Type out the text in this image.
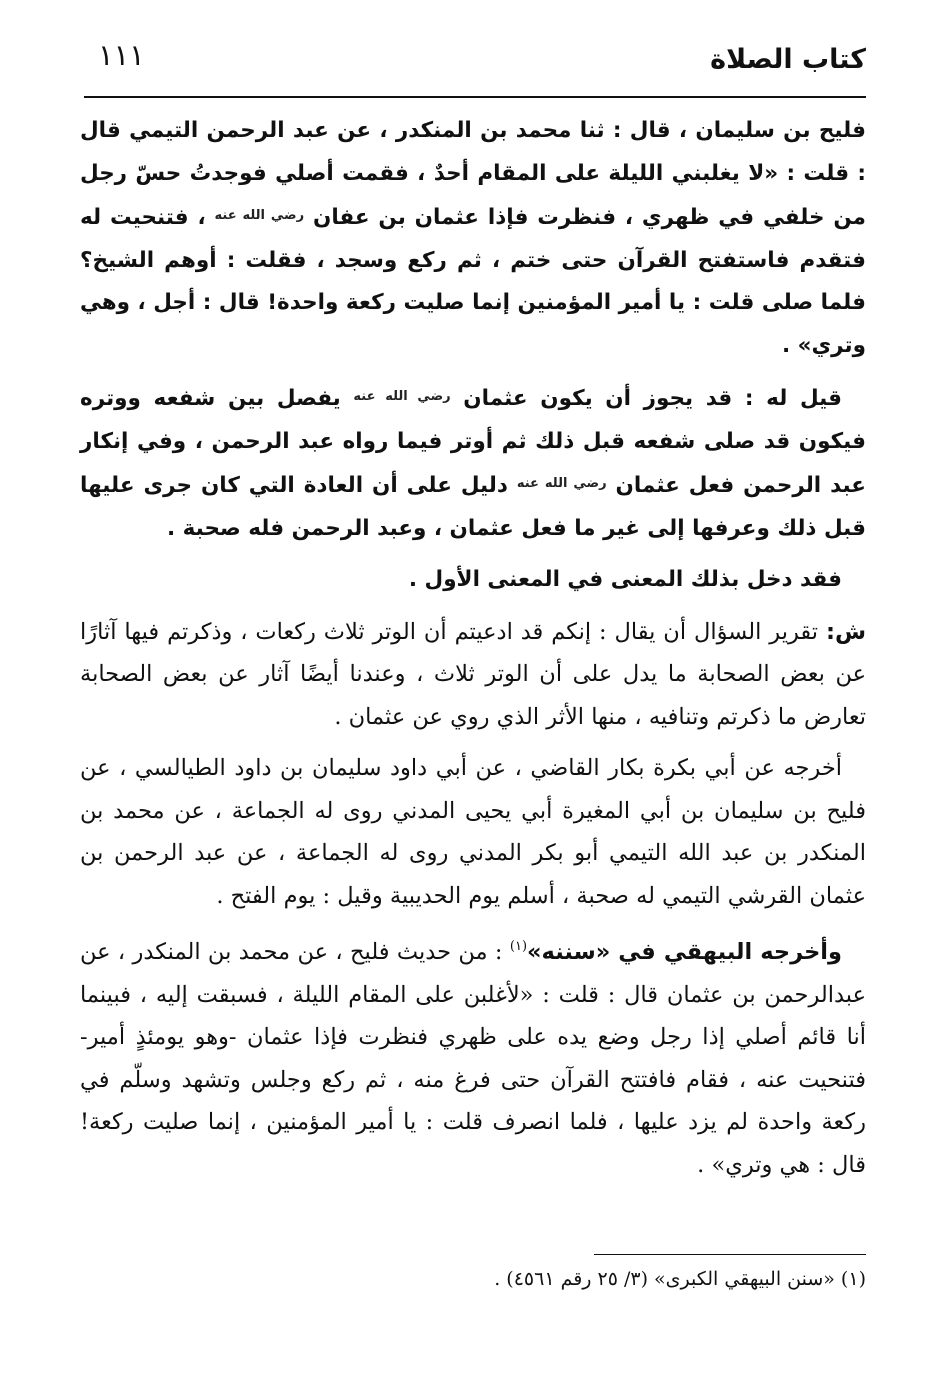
كتاب الصلاة
١١١

فليح بن سليمان ، قال : ثنا محمد بن المنكدر ، عن عبد الرحمن التيمي قال : قلت : «لا يغلبني الليلة على المقام أحدٌ ، فقمت أصلي فوجدتُ حسّ رجل من خلفي في ظهري ، فنظرت فإذا عثمان بن عفان $^{رضي الله عنه}$ ، فتنحيت له فتقدم فاستفتح القرآن حتى ختم ، ثم ركع وسجد ، فقلت : أوهم الشيخ؟ فلما صلى قلت : يا أمير المؤمنين إنما صليت ركعة واحدة! قال : أجل ، وهي وتري» .

قيل له : قد يجوز أن يكون عثمان $^{رضي الله عنه}$ يفصل بين شفعه ووتره فيكون قد صلى شفعه قبل ذلك ثم أوتر فيما رواه عبد الرحمن ، وفي إنكار عبد الرحمن فعل عثمان $^{رضي الله عنه}$ دليل على أن العادة التي كان جرى عليها قبل ذلك وعرفها إلى غير ما فعل عثمان ، وعبد الرحمن فله صحبة .

فقد دخل بذلك المعنى في المعنى الأول .

ش: تقرير السؤال أن يقال : إنكم قد ادعيتم أن الوتر ثلاث ركعات ، وذكرتم فيها آثارًا عن بعض الصحابة ما يدل على أن الوتر ثلاث ، وعندنا أيضًا آثار عن بعض الصحابة تعارض ما ذكرتم وتنافيه ، منها الأثر الذي روي عن عثمان .

أخرجه عن أبي بكرة بكار القاضي ، عن أبي داود سليمان بن داود الطيالسي ، عن فليح بن سليمان بن أبي المغيرة أبي يحيى المدني روى له الجماعة ، عن محمد بن المنكدر بن عبد الله التيمي أبو بكر المدني روى له الجماعة ، عن عبد الرحمن بن عثمان القرشي التيمي له صحبة ، أسلم يوم الحديبية وقيل : يوم الفتح .

وأخرجه البيهقي في «سننه»$^{(١)}$ : من حديث فليح ، عن محمد بن المنكدر ، عن عبدالرحمن بن عثمان قال : قلت : «لأغلبن على المقام الليلة ، فسبقت إليه ، فبينما أنا قائم أصلي إذا رجل وضع يده على ظهري فنظرت فإذا عثمان -وهو يومئذٍ أمير- فتنحيت عنه ، فقام فافتتح القرآن حتى فرغ منه ، ثم ركع وجلس وتشهد وسلّم في ركعة واحدة لم يزد عليها ، فلما انصرف قلت : يا أمير المؤمنين ، إنما صليت ركعة! قال : هي وتري» .

(١) «سنن البيهقي الكبرى» (٣/ ٢٥ رقم ٤٥٦١) .
